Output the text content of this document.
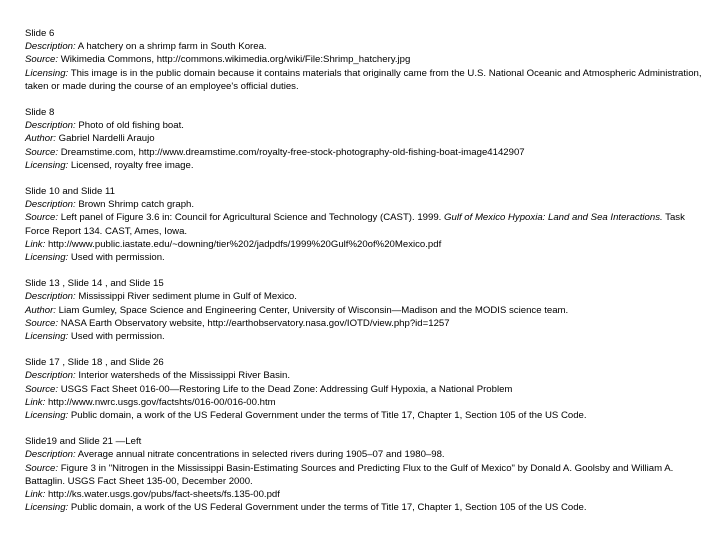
Slide 6
Description: A hatchery on a shrimp farm in South Korea.
Source: Wikimedia Commons, http://commons.wikimedia.org/wiki/File:Shrimp_hatchery.jpg
Licensing: This image is in the public domain because it contains materials that originally came from the U.S. National Oceanic and Atmospheric Administration, taken or made during the course of an employee's official duties.
Slide 8
Description: Photo of old fishing boat.
Author: Gabriel Nardelli Araujo
Source: Dreamstime.com, http://www.dreamstime.com/royalty-free-stock-photography-old-fishing-boat-image4142907
Licensing: Licensed, royalty free image.
Slide 10 and Slide 11
Description: Brown Shrimp catch graph.
Source: Left panel of Figure 3.6 in: Council for Agricultural Science and Technology (CAST). 1999. Gulf of Mexico Hypoxia: Land and Sea Interactions. Task Force Report 134. CAST, Ames, Iowa.
Link: http://www.public.iastate.edu/~downing/tier%202/jadpdfs/1999%20Gulf%20of%20Mexico.pdf
Licensing: Used with permission.
Slide 13 , Slide 14 , and Slide 15
Description: Mississippi River sediment plume in Gulf of Mexico.
Author: Liam Gumley, Space Science and Engineering Center, University of Wisconsin—Madison and the MODIS science team.
Source: NASA Earth Observatory website, http://earthobservatory.nasa.gov/IOTD/view.php?id=1257
Licensing: Used with permission.
Slide 17 , Slide 18 , and Slide 26
Description: Interior watersheds of the Mississippi River Basin.
Source: USGS Fact Sheet 016-00—Restoring Life to the Dead Zone: Addressing Gulf Hypoxia, a National Problem
Link: http://www.nwrc.usgs.gov/factshts/016-00/016-00.htm
Licensing: Public domain, a work of the US Federal Government under the terms of Title 17, Chapter 1, Section 105 of the US Code.
Slide19 and Slide 21 —Left
Description: Average annual nitrate concentrations in selected rivers during 1905–07 and 1980–98.
Source: Figure 3 in "Nitrogen in the Mississippi Basin-Estimating Sources and Predicting Flux to the Gulf of Mexico" by Donald A. Goolsby and William A. Battaglin. USGS Fact Sheet 135-00, December 2000.
Link: http://ks.water.usgs.gov/pubs/fact-sheets/fs.135-00.pdf
Licensing: Public domain, a work of the US Federal Government under the terms of Title 17, Chapter 1, Section 105 of the US Code.
